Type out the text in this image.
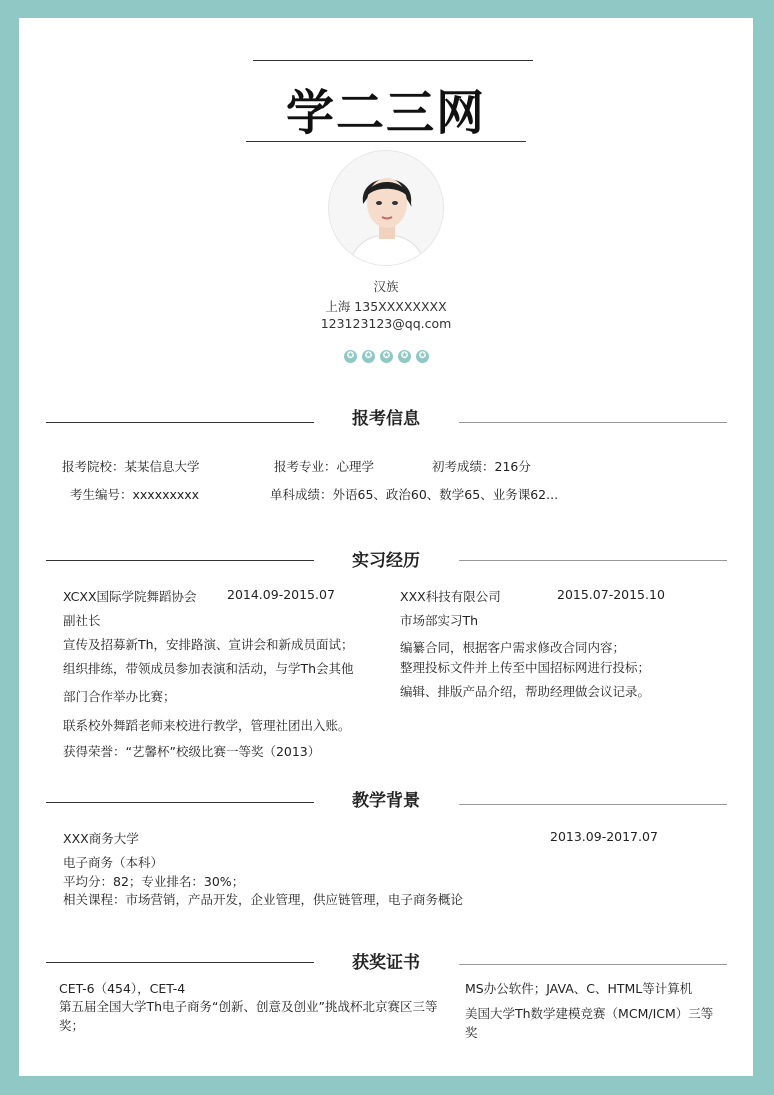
学二三网
汉族
上海 135XXXXXXXX
123123123@qq.com
✪	✪	✪	✪	✪
报考信息
报考院校：某某信息大学	报考专业：心理学	初考成绩：216分
考生编号：xxxxxxxxx	单科成绩：外语65、政治60、数学65、业务课62...
实习经历
XCXX国际学院舞蹈协会 2014.09-2015.07
副社长
宣传及招募新Th，安排路演、宣讲会和新成员面试；
组织排练，带领成员参加表演和活动，与学Th会其他
部门合作举办比赛；
联系校外舞蹈老师来校进行教学，管理社团出入账。
获得荣誉：“艺馨杯”校级比赛一等奖（2013）
XXX科技有限公司	2015.07-2015.10
市场部实习Th
编纂合同，根据客户需求修改合同内容；
整理投标文件并上传至中国招标网进行投标；
编辑、排版产品介绍，帮助经理做会议记录。
教学背景
XXX商务大学	2013.09-2017.07
电子商务（本科）
平均分：82；专业排名：30%；
相关课程：市场营销，产品开发，企业管理，供应链管理，电子商务概论
获奖证书
CET-6（454），CET-4
第五届全国大学Th电子商务“创新、创意及创业”挑战杯北京赛区三等奖；
MS办公软件；JAVA、C、HTML等计算机
美国大学Th数学建模竞赛（MCM/ICM）三等奖
